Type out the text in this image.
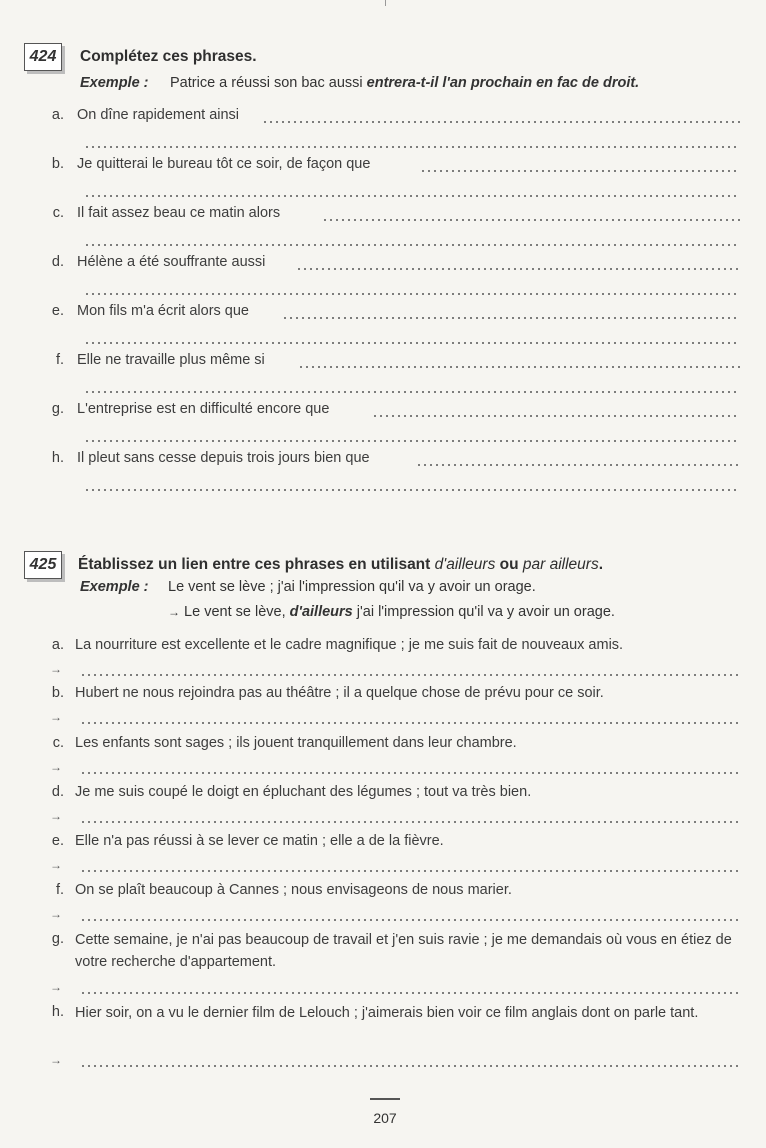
424	Complétez ces phrases.
Exemple : Patrice a réussi son bac aussi entrera-t-il l'an prochain en fac de droit.
a. On dîne rapidement ainsi
b. Je quitterai le bureau tôt ce soir, de façon que
c. Il fait assez beau ce matin alors
d. Hélène a été souffrante aussi
e. Mon fils m'a écrit alors que
f. Elle ne travaille plus même si
g. L'entreprise est en difficulté encore que
h. Il pleut sans cesse depuis trois jours bien que
425	Établissez un lien entre ces phrases en utilisant d'ailleurs ou par ailleurs.
Exemple : Le vent se lève ; j'ai l'impression qu'il va y avoir un orage.
→ Le vent se lève, d'ailleurs j'ai l'impression qu'il va y avoir un orage.
a. La nourriture est excellente et le cadre magnifique ; je me suis fait de nouveaux amis.
→
b. Hubert ne nous rejoindra pas au théâtre ; il a quelque chose de prévu pour ce soir.
→
c. Les enfants sont sages ; ils jouent tranquillement dans leur chambre.
→
d. Je me suis coupé le doigt en épluchant des légumes ; tout va très bien.
→
e. Elle n'a pas réussi à se lever ce matin ; elle a de la fièvre.
→
f. On se plaît beaucoup à Cannes ; nous envisageons de nous marier.
→
g. Cette semaine, je n'ai pas beaucoup de travail et j'en suis ravie ; je me demandais où vous en étiez de votre recherche d'appartement.
→
h. Hier soir, on a vu le dernier film de Lelouch ; j'aimerais bien voir ce film anglais dont on parle tant.
→
207
